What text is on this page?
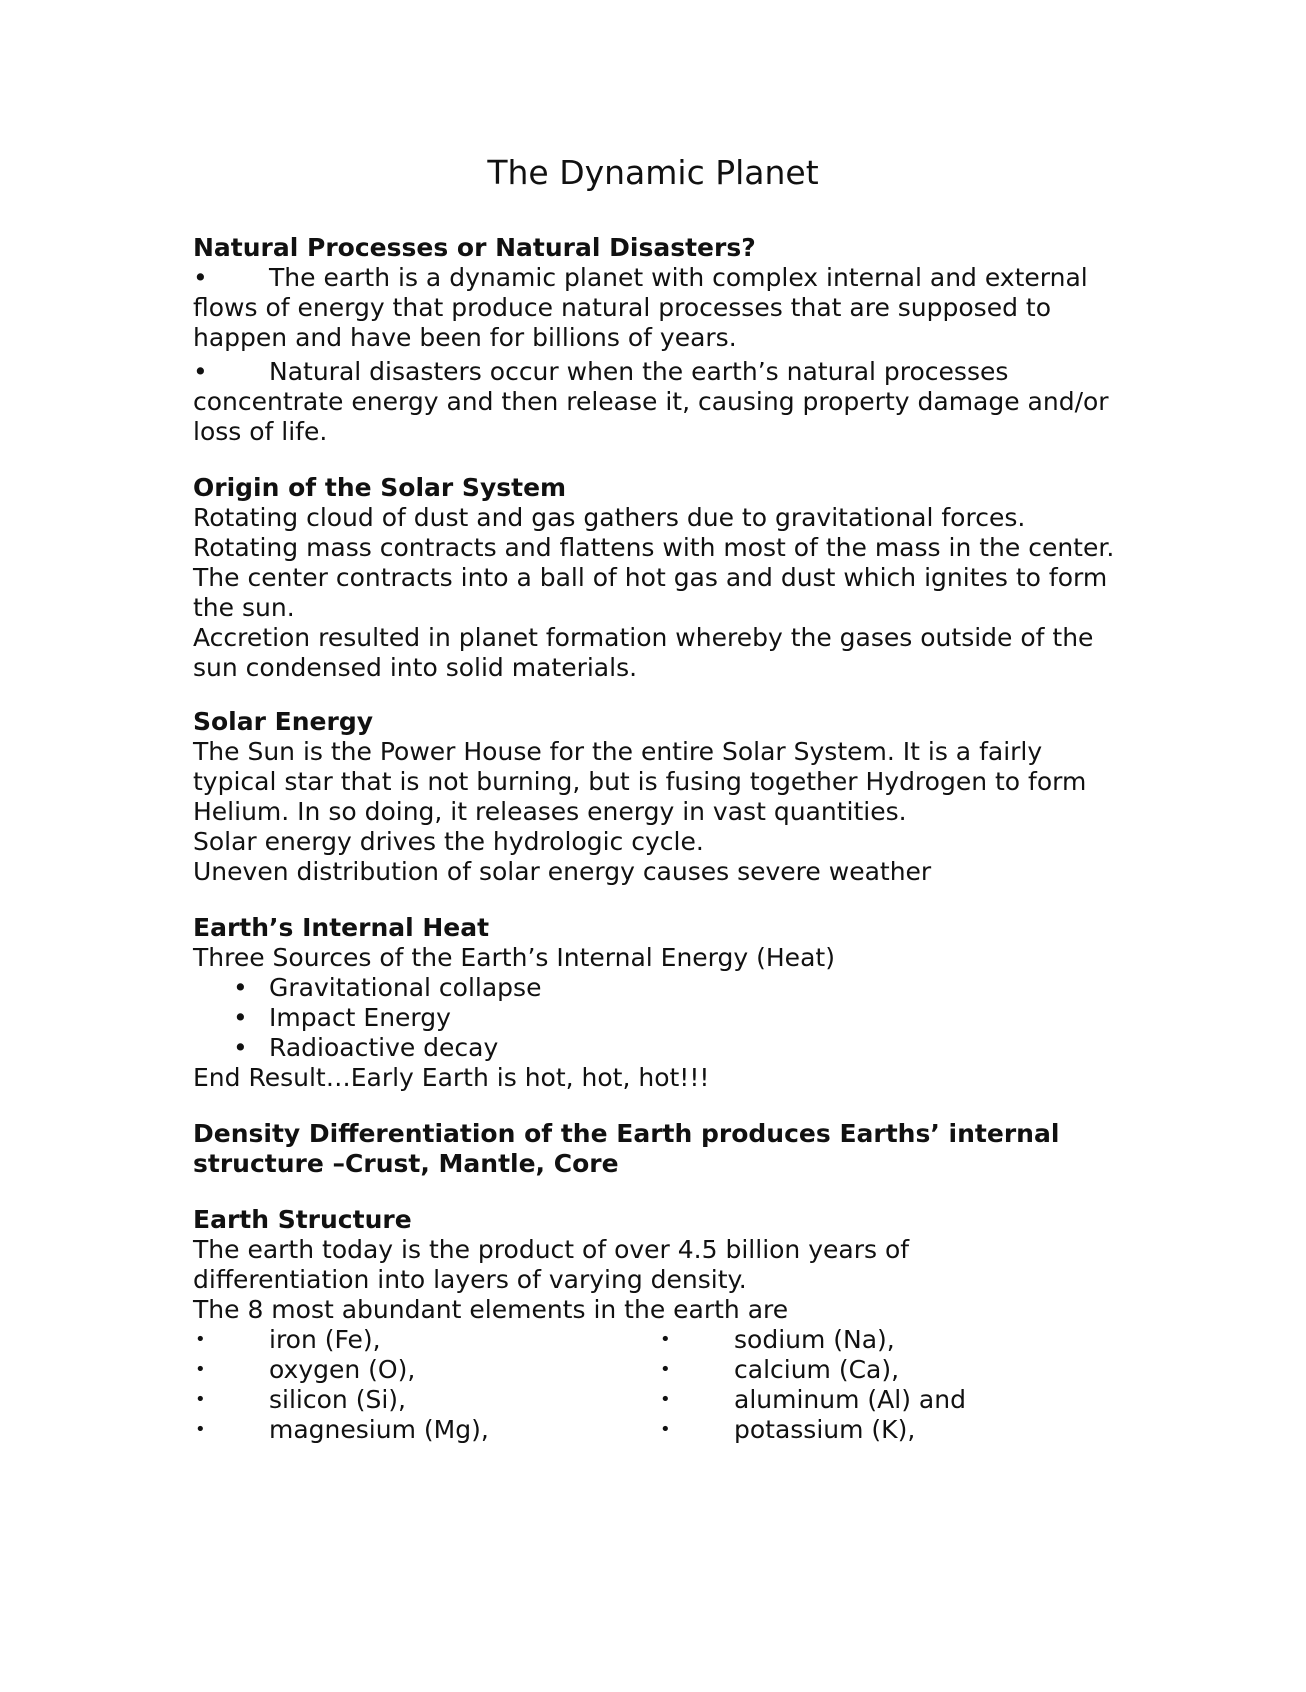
The Dynamic Planet

Natural Processes or Natural Disasters?

• The earth is a dynamic planet with complex internal and external flows of energy that produce natural processes that are supposed to happen and have been for billions of years.

• Natural disasters occur when the earth’s natural processes concentrate energy and then release it, causing property damage and/or loss of life.

Origin of the Solar System

Rotating cloud of dust and gas gathers due to gravitational forces.

Rotating mass contracts and flattens with most of the mass in the center.

The center contracts into a ball of hot gas and dust which ignites to form the sun.

Accretion resulted in planet formation whereby the gases outside of the sun condensed into solid materials.

Solar Energy

The Sun is the Power House for the entire Solar System. It is a fairly typical star that is not burning, but is fusing together Hydrogen to form Helium. In so doing, it releases energy in vast quantities.

Solar energy drives the hydrologic cycle.

Uneven distribution of solar energy causes severe weather

Earth’s Internal Heat

Three Sources of the Earth’s Internal Energy (Heat)

• Gravitational collapse
• Impact Energy
• Radioactive decay

End Result…Early Earth is hot, hot, hot!!!

Density Differentiation of the Earth produces Earths’ internal structure –Crust, Mantle, Core

Earth Structure

The earth today is the product of over 4.5 billion years of differentiation into layers of varying density.

The 8 most abundant elements in the earth are

•	iron (Fe),
•	oxygen (O),
•	silicon (Si),
•	magnesium (Mg),
•	sodium (Na),
•	calcium (Ca),
•	aluminum (Al) and
•	potassium (K),
